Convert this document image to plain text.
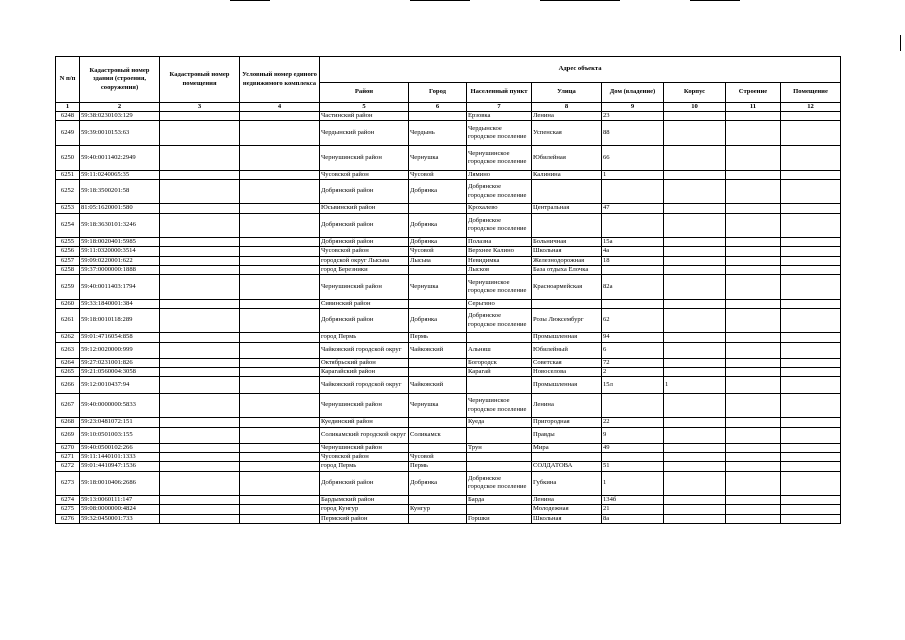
N п/п	Кадастровый номер здания (строения, сооружения)	Кадастровый номер помещения	Условный номер единого недвижимого комплекса	Адрес объекта							
				Район	Город	Населенный пункт	Улица	Дом (владение)	Корпус	Строение	Помещение
1	2	3	4	5	6	7	8	9	10	11	12
6248	59:38:0230103:129			Частинский район		Ерзовка	Ленина	23			
6249	59:39:0010153:63			Чердынский район	Чердынь	Чердынское городское поселение	Успенская	88			
6250	59:40:0011402:2949			Чернушинский район	Чернушка	Чернушинское городское поселение	Юбилейная	66			
6251	59:11:0240065:35			Чусовской район	Чусовой	Лямино	Калинина	1			
6252	59:18:3500201:58			Добрянский район	Добрянка	Добрянское городское поселение					
6253	81:05:1620001:580			Юсьвинский район		Крохалево	Центральная	47			
6254	59:18:3630101:3246			Добрянский район	Добрянка	Добрянское городское поселение					
6255	59:18:0020401:5985			Добрянский район	Добрянка	Полазна	Больничная	15а			
6256	59:11:0320000:3514			Чусовской район	Чусовой	Верхнее Калино	Школьная	4а			
6257	59:09:0220001:622			городской округ Лысьва	Лысьва	Невидимка	Железнодорожная	18			
6258	59:37:0000000:1888			город Березники		Лысков	База отдыха Елочка				
6259	59:40:0011403:1794			Чернушинский район	Чернушка	Чернушинское городское поселение	Красноармейская	82а			
6260	59:33:1840001:384			Сивинский район		Серьгино					
6261	59:18:0010118:289			Добрянский район	Добрянка	Добрянское городское поселение	Розы Люксембург	62			
6262	59:01:4716054:858			город Пермь	Пермь		Промышленная	94			
6263	59:12:0020000:999			Чайковский городской округ	Чайковский	Альняш	Юбилейный	6			
6264	59:27:0231001:826			Октябрьский район		Богородск	Советская	72			
6265	59:21:0560004:3058			Карагайский район		Карагай	Новоселова	2			
6266	59:12:0010437:94			Чайковский городской округ	Чайковский		Промышленная	15л	1		
6267	59:40:0000000:5833			Чернушинский район	Чернушка	Чернушинское городское поселение	Ленина				
6268	59:23:0481072:151			Куединский район		Куеда	Пригородная	22			
6269	59:10:0501003:155			Соликамский городской округ	Соликамск		Правды	9			
6270	59:40:0500102:266			Чернушинский район		Трун	Мира	49			
6271	59:11:1440101:1333			Чусовской район	Чусовой						
6272	59:01:4410947:1536			город Пермь	Пермь		СОЛДАТОВА	51			
6273	59:18:0010406:2686			Добрянский район	Добрянка	Добрянское городское поселение	Губкина	1			
6274	59:13:0060111:147			Бардымский район		Барда	Ленина	134б			
6275	59:08:0000000:4824			город Кунгур	Кунгур		Молодежная	21			
6276	59:32:0450001:733			Пермский район		Горшки	Школьная	8а			
